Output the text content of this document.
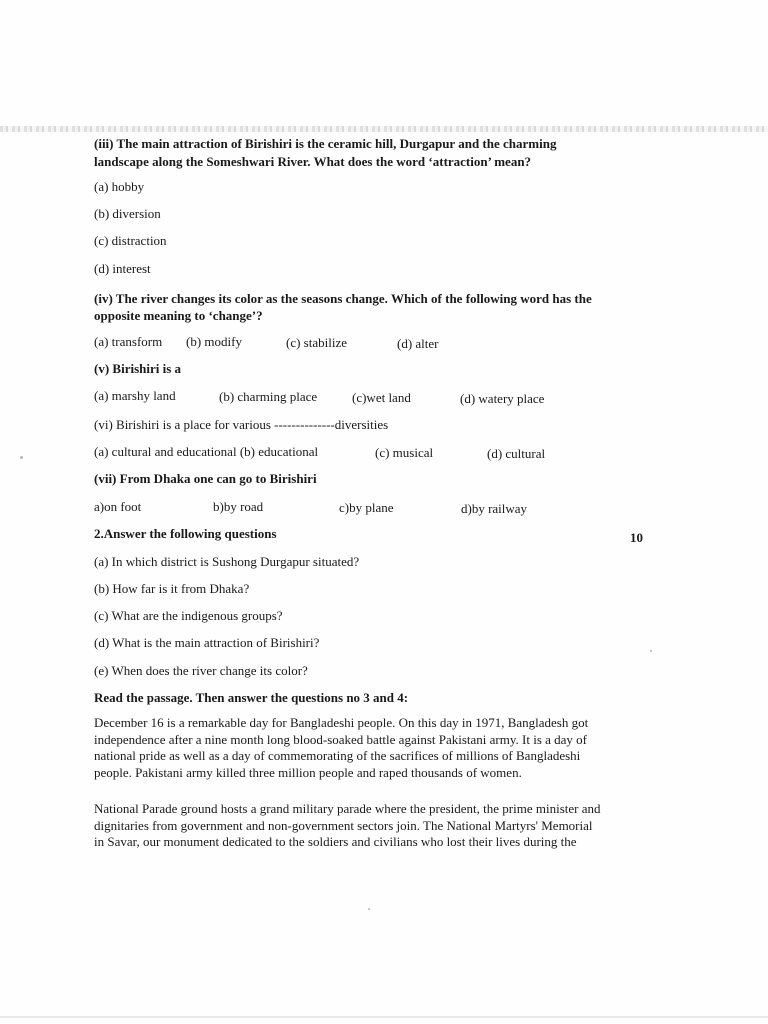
(iii) The main attraction of Birishiri is the ceramic hill, Durgapur and the charming
landscape along the Someshwari River. What does the word ‘attraction’ mean?
(a) hobby
(b) diversion
(c) distraction
(d) interest
(iv) The river changes its color as the seasons change. Which of the following word has the
opposite meaning to ‘change’?
(a) transform (b) modify	(c) stabilize	(d) alter
(v) Birishiri is a
(a) marshy land	(b) charming place	(c)wet land	(d) watery place
(vi) Birishiri is a place for various --------------diversities
(a) cultural and educational (b) educational	(c) musical	(d) cultural
(vii) From Dhaka one can go to Birishiri
a)on foot	b)by road	c)by plane	d)by railway
2.Answer the following questions	10
(a) In which district is Sushong Durgapur situated?
(b) How far is it from Dhaka?
(c) What are the indigenous groups?
(d) What is the main attraction of Birishiri?
(e) When does the river change its color?
Read the passage. Then answer the questions no 3 and 4:
December 16 is a remarkable day for Bangladeshi people. On this day in 1971, Bangladesh got
independence after a nine month long blood-soaked battle against Pakistani army. It is a day of
national pride as well as a day of commemorating of the sacrifices of millions of Bangladeshi
people. Pakistani army killed three million people and raped thousands of women.
National Parade ground hosts a grand military parade where the president, the prime minister and
dignitaries from government and non-government sectors join. The National Martyrs' Memorial
in Savar, our monument dedicated to the soldiers and civilians who lost their lives during the
